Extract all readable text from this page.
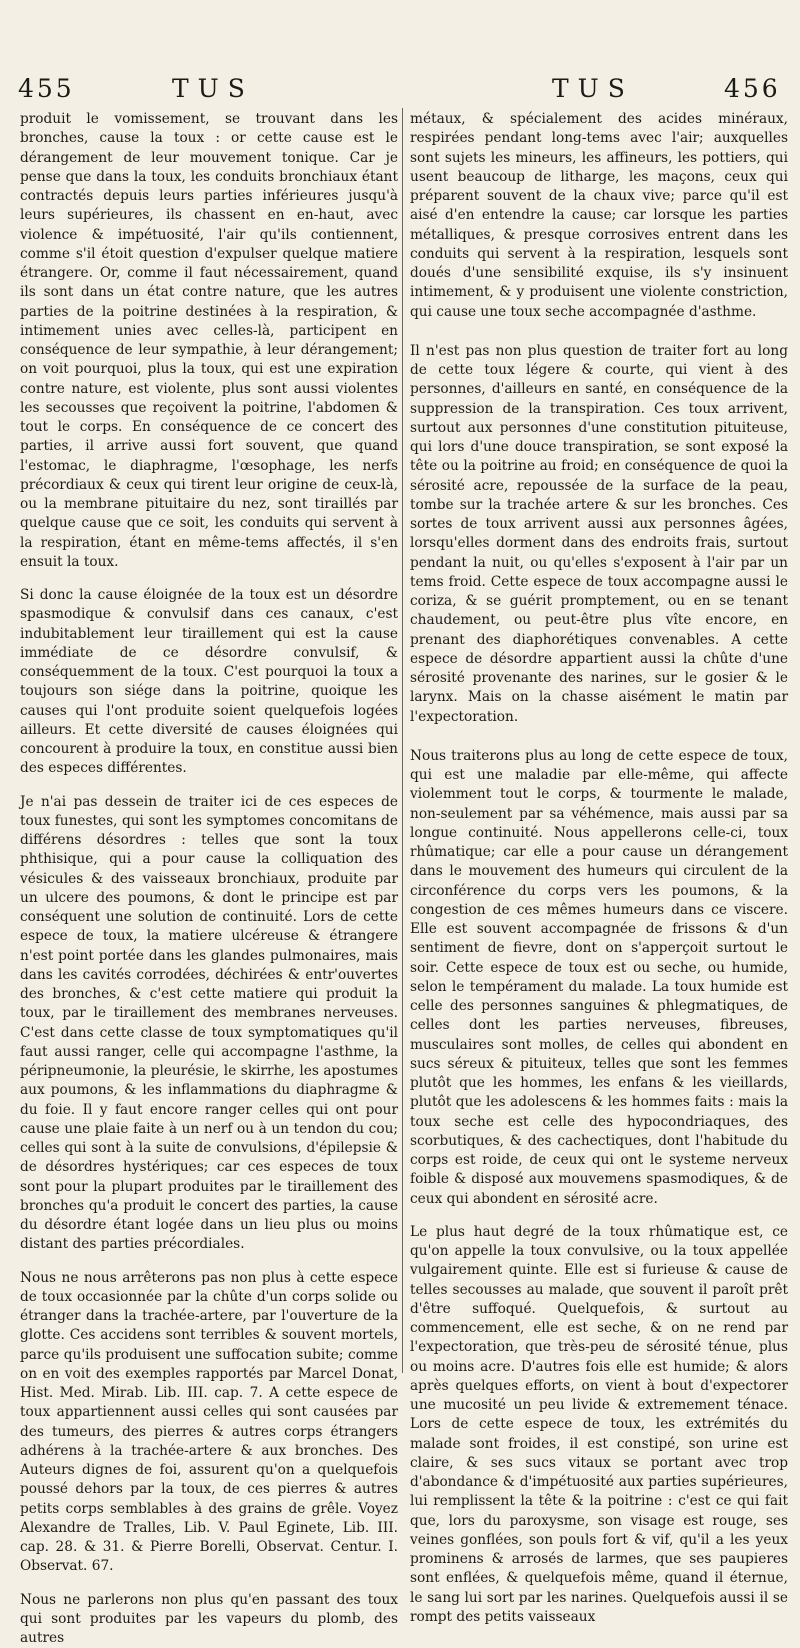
455	TUS	TUS	456

produit le vomissement, se trouvant dans les bronches, cause la toux : or cette cause est le dérangement de leur mouvement tonique. Car je pense que dans la toux, les conduits bronchiaux étant contractés depuis leurs parties inférieures jusqu'à leurs supérieures, ils chassent en en-haut, avec violence & impétuosité, l'air qu'ils contiennent, comme s'il étoit question d'expulser quelque matiere étrangere. Or, comme il faut nécessairement, quand ils sont dans un état contre nature, que les autres parties de la poitrine destinées à la respiration, & intimement unies avec celles-là, participent en conséquence de leur sympathie, à leur dérangement; on voit pourquoi, plus la toux, qui est une expiration contre nature, est violente, plus sont aussi violentes les secousses que reçoivent la poitrine, l'abdomen & tout le corps. En conséquence de ce concert des parties, il arrive aussi fort souvent, que quand l'estomac, le diaphragme, l'œsophage, les nerfs précordiaux & ceux qui tirent leur origine de ceux-là, ou la membrane pituitaire du nez, sont tiraillés par quelque cause que ce soit, les conduits qui servent à la respiration, étant en même-tems affectés, il s'en ensuit la toux.

Si donc la cause éloignée de la toux est un désordre spasmodique & convulsif dans ces canaux, c'est indubitablement leur tiraillement qui est la cause immédiate de ce désordre convulsif, & conséquemment de la toux. C'est pourquoi la toux a toujours son siége dans la poitrine, quoique les causes qui l'ont produite soient quelquefois logées ailleurs. Et cette diversité de causes éloignées qui concourent à produire la toux, en constitue aussi bien des especes différentes.

Je n'ai pas dessein de traiter ici de ces especes de toux funestes, qui sont les symptomes concomitans de différens désordres : telles que sont la toux phthisique, qui a pour cause la colliquation des vésicules & des vaisseaux bronchiaux, produite par un ulcere des poumons, & dont le principe est par conséquent une solution de continuité. Lors de cette espece de toux, la matiere ulcéreuse & étrangere n'est point portée dans les glandes pulmonaires, mais dans les cavités corrodées, déchirées & entr'ouvertes des bronches, & c'est cette matiere qui produit la toux, par le tiraillement des membranes nerveuses. C'est dans cette classe de toux symptomatiques qu'il faut aussi ranger, celle qui accompagne l'asthme, la péripneumonie, la pleurésie, le skirrhe, les apostumes aux poumons, & les inflammations du diaphragme & du foie. Il y faut encore ranger celles qui ont pour cause une plaie faite à un nerf ou à un tendon du cou; celles qui sont à la suite de convulsions, d'épilepsie & de désordres hystériques; car ces especes de toux sont pour la plupart produites par le tiraillement des bronches qu'a produit le concert des parties, la cause du désordre étant logée dans un lieu plus ou moins distant des parties précordiales.

Nous ne nous arrêterons pas non plus à cette espece de toux occasionnée par la chûte d'un corps solide ou étranger dans la trachée-artere, par l'ouverture de la glotte. Ces accidens sont terribles & souvent mortels, parce qu'ils produisent une suffocation subite; comme on en voit des exemples rapportés par Marcel Donat, Hist. Med. Mirab. Lib. III. cap. 7. A cette espece de toux appartiennent aussi celles qui sont causées par des tumeurs, des pierres & autres corps étrangers adhérens à la trachée-artere & aux bronches. Des Auteurs dignes de foi, assurent qu'on a quelquefois poussé dehors par la toux, de ces pierres & autres petits corps semblables à des grains de grêle. Voyez Alexandre de Tralles, Lib. V. Paul Eginete, Lib. III. cap. 28. & 31. & Pierre Borelli, Observat. Centur. I. Observat. 67.

Nous ne parlerons non plus qu'en passant des toux qui sont produites par les vapeurs du plomb, des autres

métaux, & spécialement des acides minéraux, respirées pendant long-tems avec l'air; auxquelles sont sujets les mineurs, les affineurs, les pottiers, qui usent beaucoup de litharge, les maçons, ceux qui préparent souvent de la chaux vive; parce qu'il est aisé d'en entendre la cause; car lorsque les parties métalliques, & presque corrosives entrent dans les conduits qui servent à la respiration, lesquels sont doués d'une sensibilité exquise, ils s'y insinuent intimement, & y produisent une violente constriction, qui cause une toux seche accompagnée d'asthme.

Il n'est pas non plus question de traiter fort au long de cette toux légere & courte, qui vient à des personnes, d'ailleurs en santé, en conséquence de la suppression de la transpiration. Ces toux arrivent, surtout aux personnes d'une constitution pituiteuse, qui lors d'une douce transpiration, se sont exposé la tête ou la poitrine au froid; en conséquence de quoi la sérosité acre, repoussée de la surface de la peau, tombe sur la trachée artere & sur les bronches. Ces sortes de toux arrivent aussi aux personnes âgées, lorsqu'elles dorment dans des endroits frais, surtout pendant la nuit, ou qu'elles s'exposent à l'air par un tems froid. Cette espece de toux accompagne aussi le coriza, & se guérit promptement, ou en se tenant chaudement, ou peut-être plus vîte encore, en prenant des diaphorétiques convenables. A cette espece de désordre appartient aussi la chûte d'une sérosité provenante des narines, sur le gosier & le larynx. Mais on la chasse aisément le matin par l'expectoration.

Nous traiterons plus au long de cette espece de toux, qui est une maladie par elle-même, qui affecte violemment tout le corps, & tourmente le malade, non-seulement par sa véhémence, mais aussi par sa longue continuité. Nous appellerons celle-ci, toux rhûmatique; car elle a pour cause un dérangement dans le mouvement des humeurs qui circulent de la circonférence du corps vers les poumons, & la congestion de ces mêmes humeurs dans ce viscere. Elle est souvent accompagnée de frissons & d'un sentiment de fievre, dont on s'apperçoit surtout le soir. Cette espece de toux est ou seche, ou humide, selon le tempérament du malade. La toux humide est celle des personnes sanguines & phlegmatiques, de celles dont les parties nerveuses, fibreuses, musculaires sont molles, de celles qui abondent en sucs séreux & pituiteux, telles que sont les femmes plutôt que les hommes, les enfans & les vieillards, plutôt que les adolescens & les hommes faits : mais la toux seche est celle des hypocondriaques, des scorbutiques, & des cachectiques, dont l'habitude du corps est roide, de ceux qui ont le systeme nerveux foible & disposé aux mouvemens spasmodiques, & de ceux qui abondent en sérosité acre.

Le plus haut degré de la toux rhûmatique est, ce qu'on appelle la toux convulsive, ou la toux appellée vulgairement quinte. Elle est si furieuse & cause de telles secousses au malade, que souvent il paroît prêt d'être suffoqué. Quelquefois, & surtout au commencement, elle est seche, & on ne rend par l'expectoration, que très-peu de sérosité ténue, plus ou moins acre. D'autres fois elle est humide; & alors après quelques efforts, on vient à bout d'expectorer une mucosité un peu livide & extremement ténace. Lors de cette espece de toux, les extrémités du malade sont froides, il est constipé, son urine est claire, & ses sucs vitaux se portant avec trop d'abondance & d'impétuosité aux parties supérieures, lui remplissent la tête & la poitrine : c'est ce qui fait que, lors du paroxysme, son visage est rouge, ses veines gonflées, son pouls fort & vif, qu'il a les yeux prominens & arrosés de larmes, que ses paupieres sont enflées, & quelquefois même, quand il éternue, le sang lui sort par les narines. Quelquefois aussi il se rompt des petits vaisseaux
